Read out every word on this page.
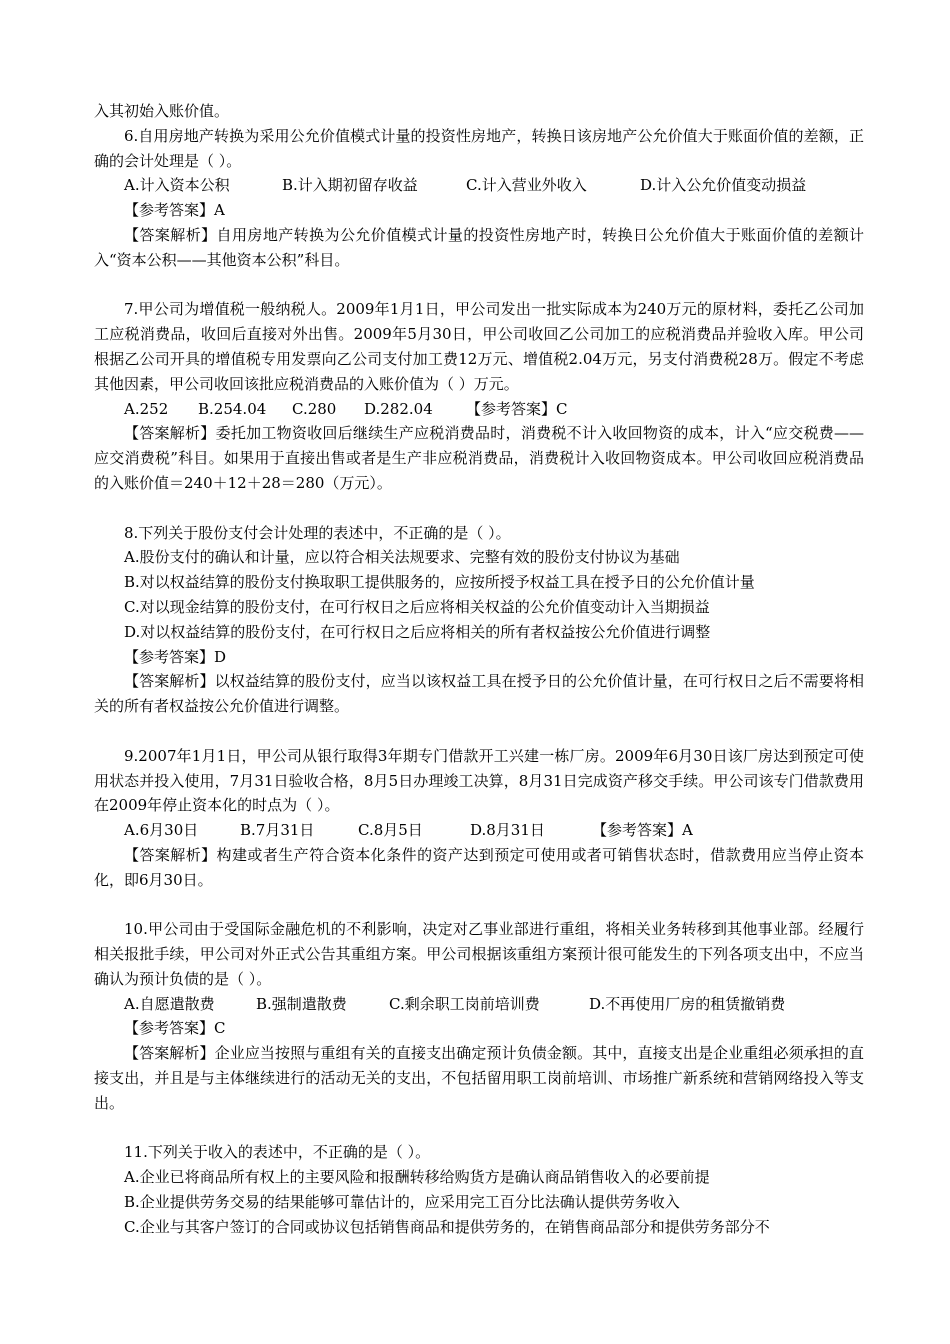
入其初始入账价值。

6.自用房地产转换为采用公允价值模式计量的投资性房地产，转换日该房地产公允价值大于账面价值的差额，正确的会计处理是（ ）。

A.计入资本公积	B.计入期初留存收益	C.计入营业外收入	D.计入公允价值变动损益

【参考答案】A

【答案解析】自用房地产转换为公允价值模式计量的投资性房地产时，转换日公允价值大于账面价值的差额计入“资本公积——其他资本公积”科目。

7.甲公司为增值税一般纳税人。2009年1月1日，甲公司发出一批实际成本为240万元的原材料，委托乙公司加工应税消费品，收回后直接对外出售。2009年5月30日，甲公司收回乙公司加工的应税消费品并验收入库。甲公司根据乙公司开具的增值税专用发票向乙公司支付加工费12万元、增值税2.04万元，另支付消费税28万。假定不考虑其他因素，甲公司收回该批应税消费品的入账价值为（ ）万元。

A.252	B.254.04	C.280	D.282.04	【参考答案】C

【答案解析】委托加工物资收回后继续生产应税消费品时，消费税不计入收回物资的成本，计入“应交税费——应交消费税”科目。如果用于直接出售或者是生产非应税消费品，消费税计入收回物资成本。甲公司收回应税消费品的入账价值＝240＋12＋28＝280（万元）。

8.下列关于股份支付会计处理的表述中，不正确的是（ ）。

A.股份支付的确认和计量，应以符合相关法规要求、完整有效的股份支付协议为基础

B.对以权益结算的股份支付换取职工提供服务的，应按所授予权益工具在授予日的公允价值计量

C.对以现金结算的股份支付，在可行权日之后应将相关权益的公允价值变动计入当期损益

D.对以权益结算的股份支付，在可行权日之后应将相关的所有者权益按公允价值进行调整

【参考答案】D

【答案解析】以权益结算的股份支付，应当以该权益工具在授予日的公允价值计量，在可行权日之后不需要将相关的所有者权益按公允价值进行调整。

9.2007年1月1日，甲公司从银行取得3年期专门借款开工兴建一栋厂房。2009年6月30日该厂房达到预定可使用状态并投入使用，7月31日验收合格，8月5日办理竣工决算，8月31日完成资产移交手续。甲公司该专门借款费用在2009年停止资本化的时点为（ ）。

A.6月30日	B.7月31日	C.8月5日	D.8月31日	【参考答案】A

【答案解析】构建或者生产符合资本化条件的资产达到预定可使用或者可销售状态时，借款费用应当停止资本化，即6月30日。

10.甲公司由于受国际金融危机的不利影响，决定对乙事业部进行重组，将相关业务转移到其他事业部。经履行相关报批手续，甲公司对外正式公告其重组方案。甲公司根据该重组方案预计很可能发生的下列各项支出中，不应当确认为预计负债的是（ ）。

A.自愿遣散费	B.强制遣散费	C.剩余职工岗前培训费	D.不再使用厂房的租赁撤销费

【参考答案】C

【答案解析】企业应当按照与重组有关的直接支出确定预计负债金额。其中，直接支出是企业重组必须承担的直接支出，并且是与主体继续进行的活动无关的支出，不包括留用职工岗前培训、市场推广新系统和营销网络投入等支出。

11.下列关于收入的表述中，不正确的是（ ）。

A.企业已将商品所有权上的主要风险和报酬转移给购货方是确认商品销售收入的必要前提

B.企业提供劳务交易的结果能够可靠估计的，应采用完工百分比法确认提供劳务收入

C.企业与其客户签订的合同或协议包括销售商品和提供劳务的，在销售商品部分和提供劳务部分不
